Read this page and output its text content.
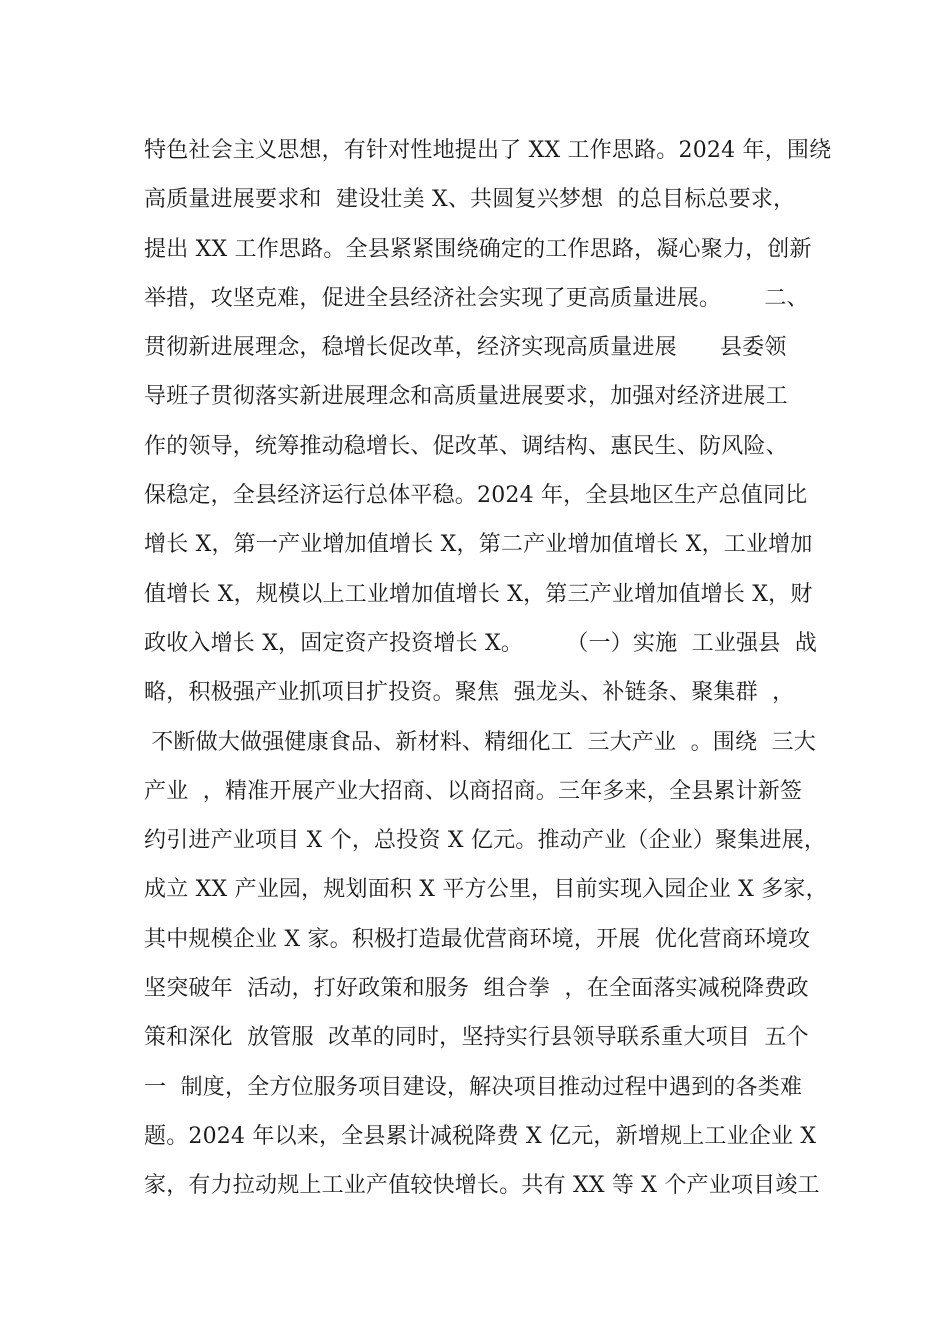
特色社会主义思想，有针对性地提出了 XX 工作思路。2024 年，围绕
高质量进展要求和  建设壮美 X、共圆复兴梦想  的总目标总要求，
提出 XX 工作思路。全县紧紧围绕确定的工作思路，凝心聚力，创新
举措，攻坚克难，促进全县经济社会实现了更高质量进展。      二、
贯彻新进展理念，稳增长促改革，经济实现高质量进展      县委领
导班子贯彻落实新进展理念和高质量进展要求，加强对经济进展工
作的领导，统筹推动稳增长、促改革、调结构、惠民生、防风险、
保稳定，全县经济运行总体平稳。2024 年，全县地区生产总值同比
增长 X，第一产业增加值增长 X，第二产业增加值增长 X，工业增加
值增长 X，规模以上工业增加值增长 X，第三产业增加值增长 X，财
政收入增长 X，固定资产投资增长 X。      （一）实施  工业强县  战
略，积极强产业抓项目扩投资。聚焦  强龙头、补链条、聚集群  ，
不断做大做强健康食品、新材料、精细化工  三大产业  。围绕  三大
产业  ，精准开展产业大招商、以商招商。三年多来，全县累计新签
约引进产业项目 X 个，总投资 X 亿元。推动产业（企业）聚集进展，
成立 XX 产业园，规划面积 X 平方公里，目前实现入园企业 X 多家，
其中规模企业 X 家。积极打造最优营商环境，开展  优化营商环境攻
坚突破年  活动，打好政策和服务  组合拳  ，在全面落实减税降费政
策和深化  放管服  改革的同时，坚持实行县领导联系重大项目  五个
一  制度，全方位服务项目建设，解决项目推动过程中遇到的各类难
题。2024 年以来，全县累计减税降费 X 亿元，新增规上工业企业 X
家，有力拉动规上工业产值较快增长。共有 XX 等 X 个产业项目竣工
